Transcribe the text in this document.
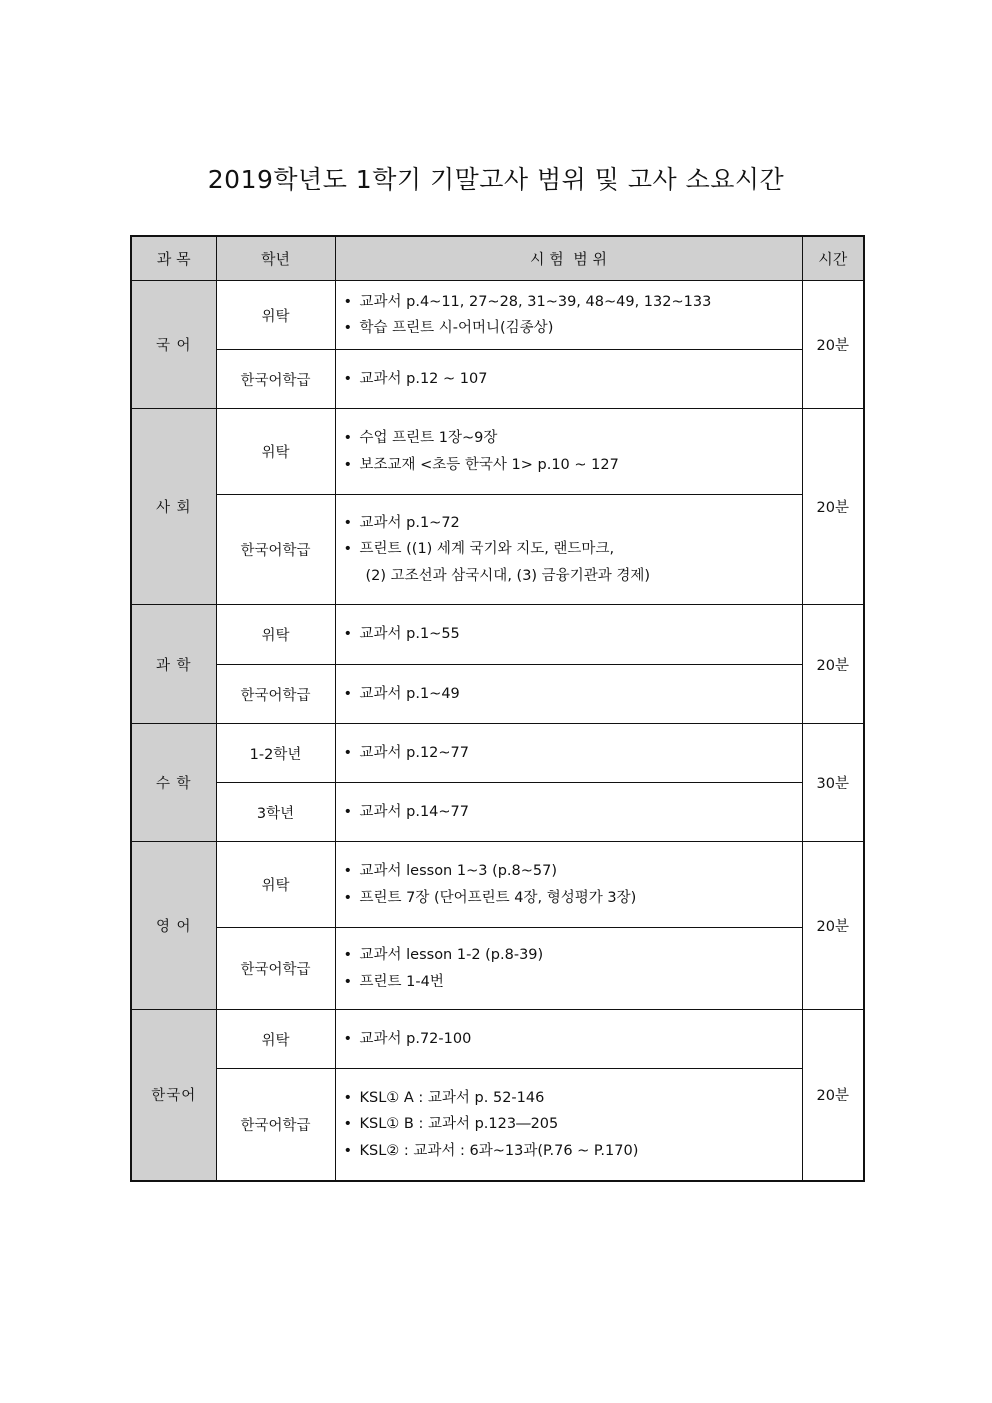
2019학년도 1학기 기말고사 범위 및 고사 소요시간
과 목	학년	시 험  범 위	시간
국 어	위탁	• 교과서 p.4~11, 27~28, 31~39, 48~49, 132~133
• 학습 프린트 시-어머니(김종상)	20분
	한국어학급	• 교과서 p.12 ~ 107	

사 회	위탁	• 수업 프린트 1장~9장
• 보조교재 <초등 한국사 1> p.10 ~ 127	20분
	한국어학급	• 교과서 p.1~72
• 프린트 ((1) 세계 국기와 지도, 랜드마크,
(2) 고조선과 삼국시대, (3) 금융기관과 경제)	

과 학	위탁	• 교과서 p.1~55	20분
	한국어학급	• 교과서 p.1~49	

수 학	1-2학년	• 교과서 p.12~77	30분
	3학년	• 교과서 p.14~77	

영 어	위탁	• 교과서 lesson 1~3 (p.8~57)
• 프린트 7장 (단어프린트 4장, 형성평가 3장)	20분
	한국어학급	• 교과서 lesson 1-2 (p.8-39)
• 프린트 1-4번	

한국어	위탁	• 교과서 p.72-100	20분
	한국어학급	• KSL① A : 교과서 p. 52-146
• KSL① B : 교과서 p.123―205
• KSL② : 교과서 : 6과~13과(P.76 ~ P.170)	
